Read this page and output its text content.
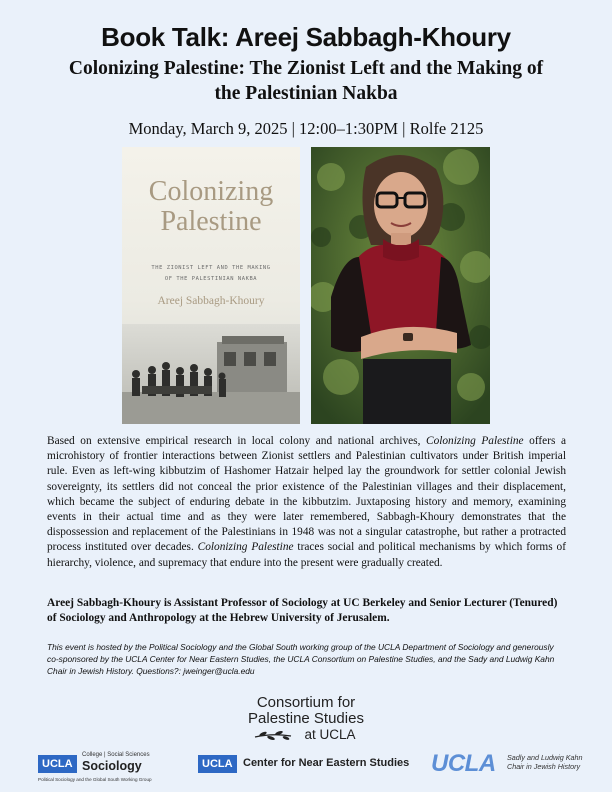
Book Talk: Areej Sabbagh-Khoury
Colonizing Palestine: The Zionist Left and the Making of the Palestinian Nakba
Monday, March 9, 2025 | 12:00–1:30PM | Rolfe 2125
Colonizing
Palestine
THE ZIONIST LEFT AND THE MAKING
OF THE PALESTINIAN NAKBA
Areej Sabbagh-Khoury
Based on extensive empirical research in local colony and national archives, Colonizing Palestine offers a microhistory of frontier interactions between Zionist settlers and Palestinian cultivators under British imperial rule. Even as left-wing kibbutzim of Hashomer Hatzair helped lay the groundwork for settler colonial Jewish sovereignty, its settlers did not conceal the prior existence of the Palestinian villages and their displacement, which became the subject of enduring debate in the kibbutzim. Juxtaposing history and memory, examining events in their actual time and as they were later remembered, Sabbagh-Khoury demonstrates that the dispossession and replacement of the Palestinians in 1948 was not a singular catastrophe, but rather a protracted process instituted over decades. Colonizing Palestine traces social and political mechanisms by which forms of hierarchy, violence, and supremacy that endure into the present were gradually created.
Areej Sabbagh-Khoury is Assistant Professor of Sociology at UC Berkeley and Senior Lecturer (Tenured) of Sociology and Anthropology at the Hebrew University of Jerusalem.
This event is hosted by the Political Sociology and the Global South working group of the UCLA Department of Sociology and generously co-sponsored by the UCLA Center for Near Eastern Studies, the UCLA Consortium on Palestine Studies, and the Sady and Ludwig Kahn Chair in Jewish History. Questions?: jweinger@ucla.edu
Consortium for
Palestine Studies
at UCLA
UCLA
College | Social Sciences
Sociology
Political Sociology and the Global South Working Group
UCLA Center for Near Eastern Studies UCLA Sadly and Ludwig Kahn
Chair in Jewish History
